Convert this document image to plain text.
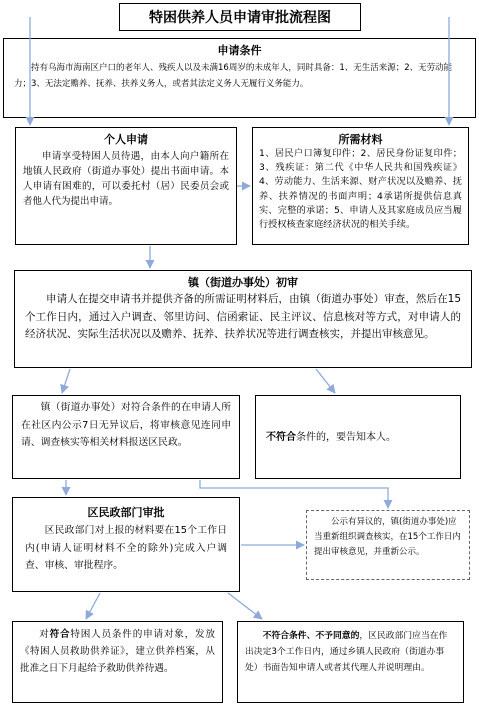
特困供养人员申请审批流程图
申请条件
持有乌海市海南区户口的老年人、残疾人以及未满16周岁的未成年人，同时具备：1、无生活来源；2、无劳动能力；3、无法定赡养、抚养、扶养义务人，或者其法定义务人无履行义务能力。
个人申请
申请享受特困人员待遇，由本人向户籍所在地镇人民政府（街道办事处）提出书面申请。本人申请有困难的，可以委托村（居）民委员会或者他人代为提出申请。
所需材料
1、居民户口簿复印件；2、居民身份证复印件；3、残疾证：第二代《中华人民共和国残疾证》4、劳动能力、生活来源、财产状况以及赡养、抚养、扶养情况的书面声明；4承诺所提供信息真实、完整的承诺；5、申请人及其家庭成员应当履行授权核查家庭经济状况的相关手续。
镇（街道办事处）初审
申请人在提交申请书并提供齐备的所需证明材料后，由镇（街道办事处）审查，然后在15个工作日内，通过入户调查、邻里访问、信函索证、民主评议、信息核对等方式，对申请人的经济状况、实际生活状况以及赡养、抚养、扶养状况等进行调查核实，并提出审核意见。
镇（街道办事处）对符合条件的在申请人所在社区内公示7日无异议后，将审核意见连同申请、调查核实等相关材料报送区民政。	不符合条件的，要告知本人。
区民政部门审批
区民政部门对上报的材料要在15个工作日内(申请人证明材料不全的除外)完成入户调查、审核、审批程序。
公示有异议的，镇(街道办事处)应当重新组织调查核实，在15个工作日内提出审核意见，并重新公示。
对符合特困人员条件的申请对象，发放《特困人员救助供养证》，建立供养档案，从批准之日下月起给予救助供养待遇。
不符合条件、不予同意的，区民政部门应当在作出决定3个工作日内，通过乡镇人民政府（街道办事处）书面告知申请人或者其代理人并说明理由。
